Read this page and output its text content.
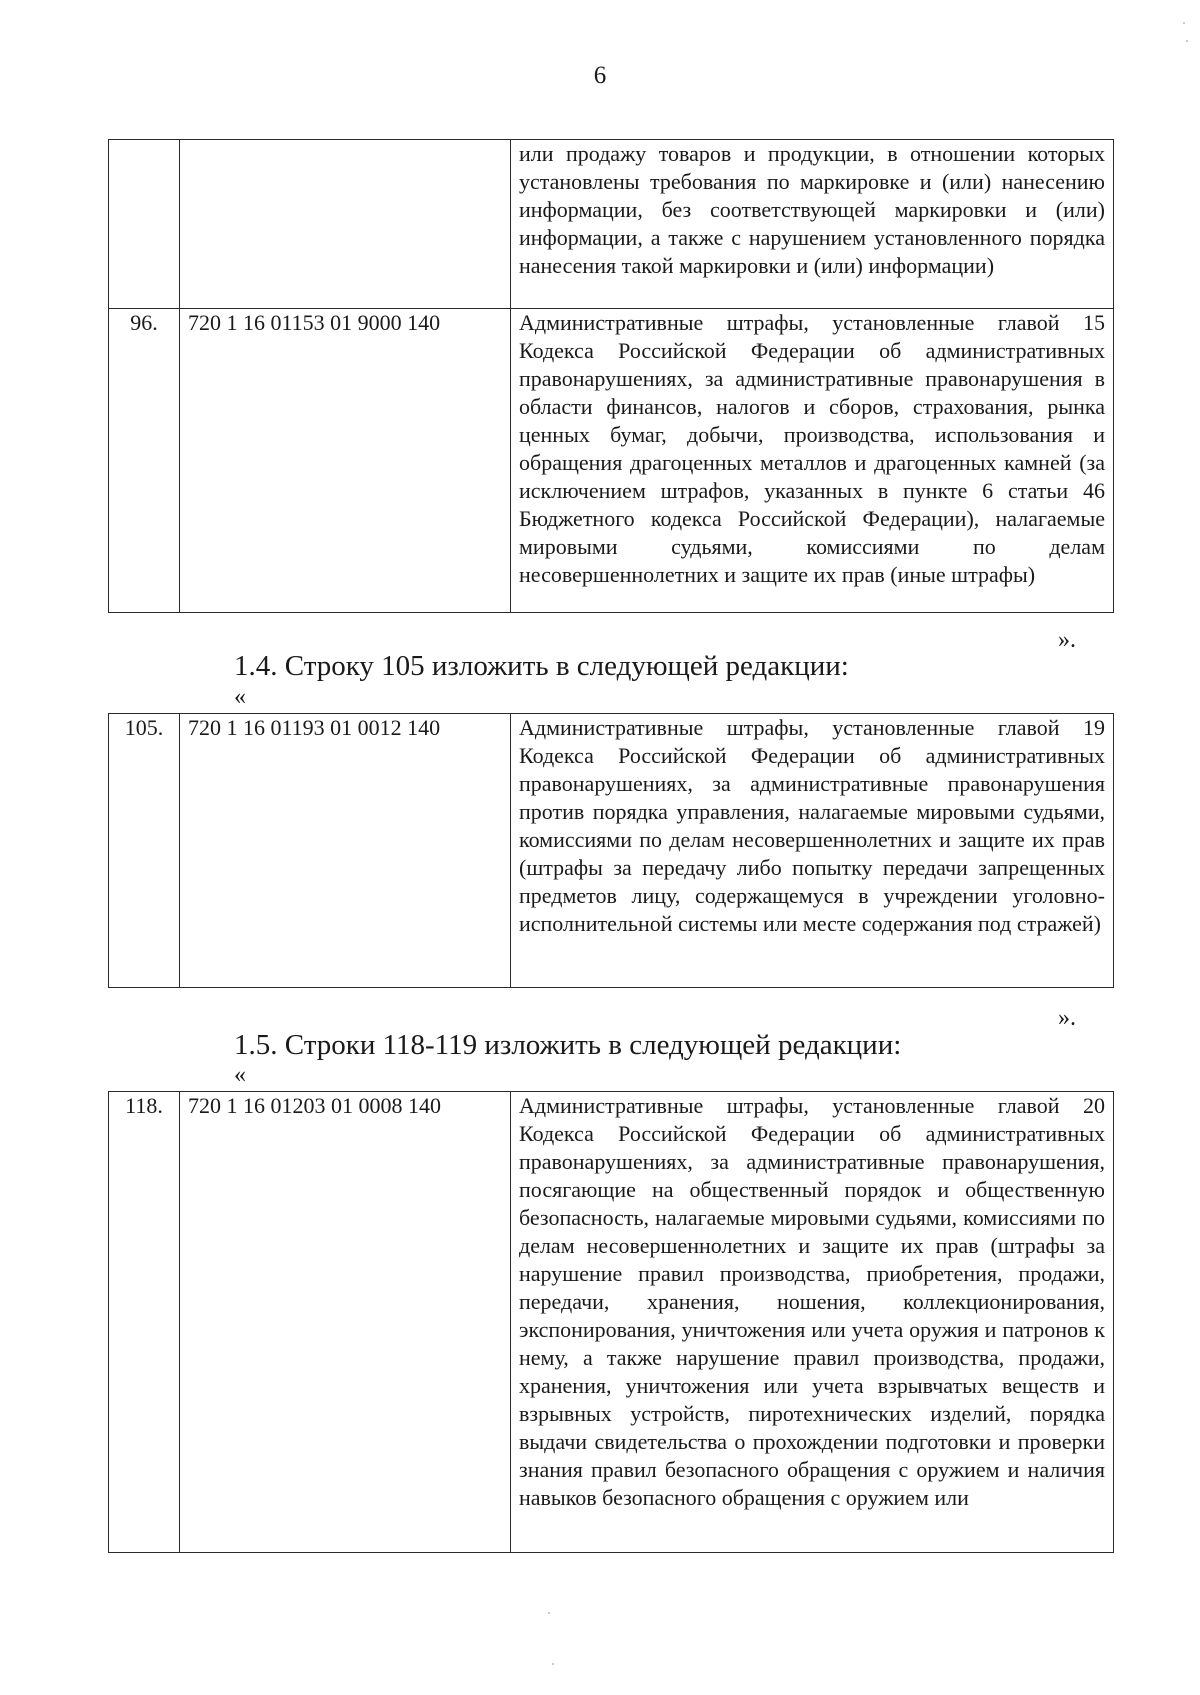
6
		или продажу товаров и продукции, в отношении которых установлены требования по маркировке и (или) нанесению информации, без соответствующей маркировки и (или) информации, а также с нарушением установленного порядка нанесения такой маркировки и (или) информации)
96.	720 1 16 01153 01 9000 140	Административные штрафы, установленные главой 15 Кодекса Российской Федерации об административных правонарушениях, за административные правонарушения в области финансов, налогов и сборов, страхования, рынка ценных бумаг, добычи, производства, использования и обращения драгоценных металлов и драгоценных камней (за исключением штрафов, указанных в пункте 6 статьи 46 Бюджетного кодекса Российской Федерации), налагаемые мировыми судьями, комиссиями по делам несовершеннолетних и защите их прав (иные штрафы)
».
1.4. Строку 105 изложить в следующей редакции:
«
105.	720 1 16 01193 01 0012 140	Административные штрафы, установленные главой 19 Кодекса Российской Федерации об административных правонарушениях, за административные правонарушения против порядка управления, налагаемые мировыми судьями, комиссиями по делам несовершеннолетних и защите их прав (штрафы за передачу либо попытку передачи запрещенных предметов лицу, содержащемуся в учреждении уголовно-исполнительной системы или месте содержания под стражей)
».
1.5. Строки 118-119 изложить в следующей редакции:
«
118.	720 1 16 01203 01 0008 140	Административные штрафы, установленные главой 20 Кодекса Российской Федерации об административных правонарушениях, за административные правонарушения, посягающие на общественный порядок и общественную безопасность, налагаемые мировыми судьями, комиссиями по делам несовершеннолетних и защите их прав (штрафы за нарушение правил производства, приобретения, продажи, передачи, хранения, ношения, коллекционирования, экспонирования, уничтожения или учета оружия и патронов к нему, а также нарушение правил производства, продажи, хранения, уничтожения или учета взрывчатых веществ и взрывных устройств, пиротехнических изделий, порядка выдачи свидетельства о прохождении подготовки и проверки знания правил безопасного обращения с оружием и наличия навыков безопасного обращения с оружием или
